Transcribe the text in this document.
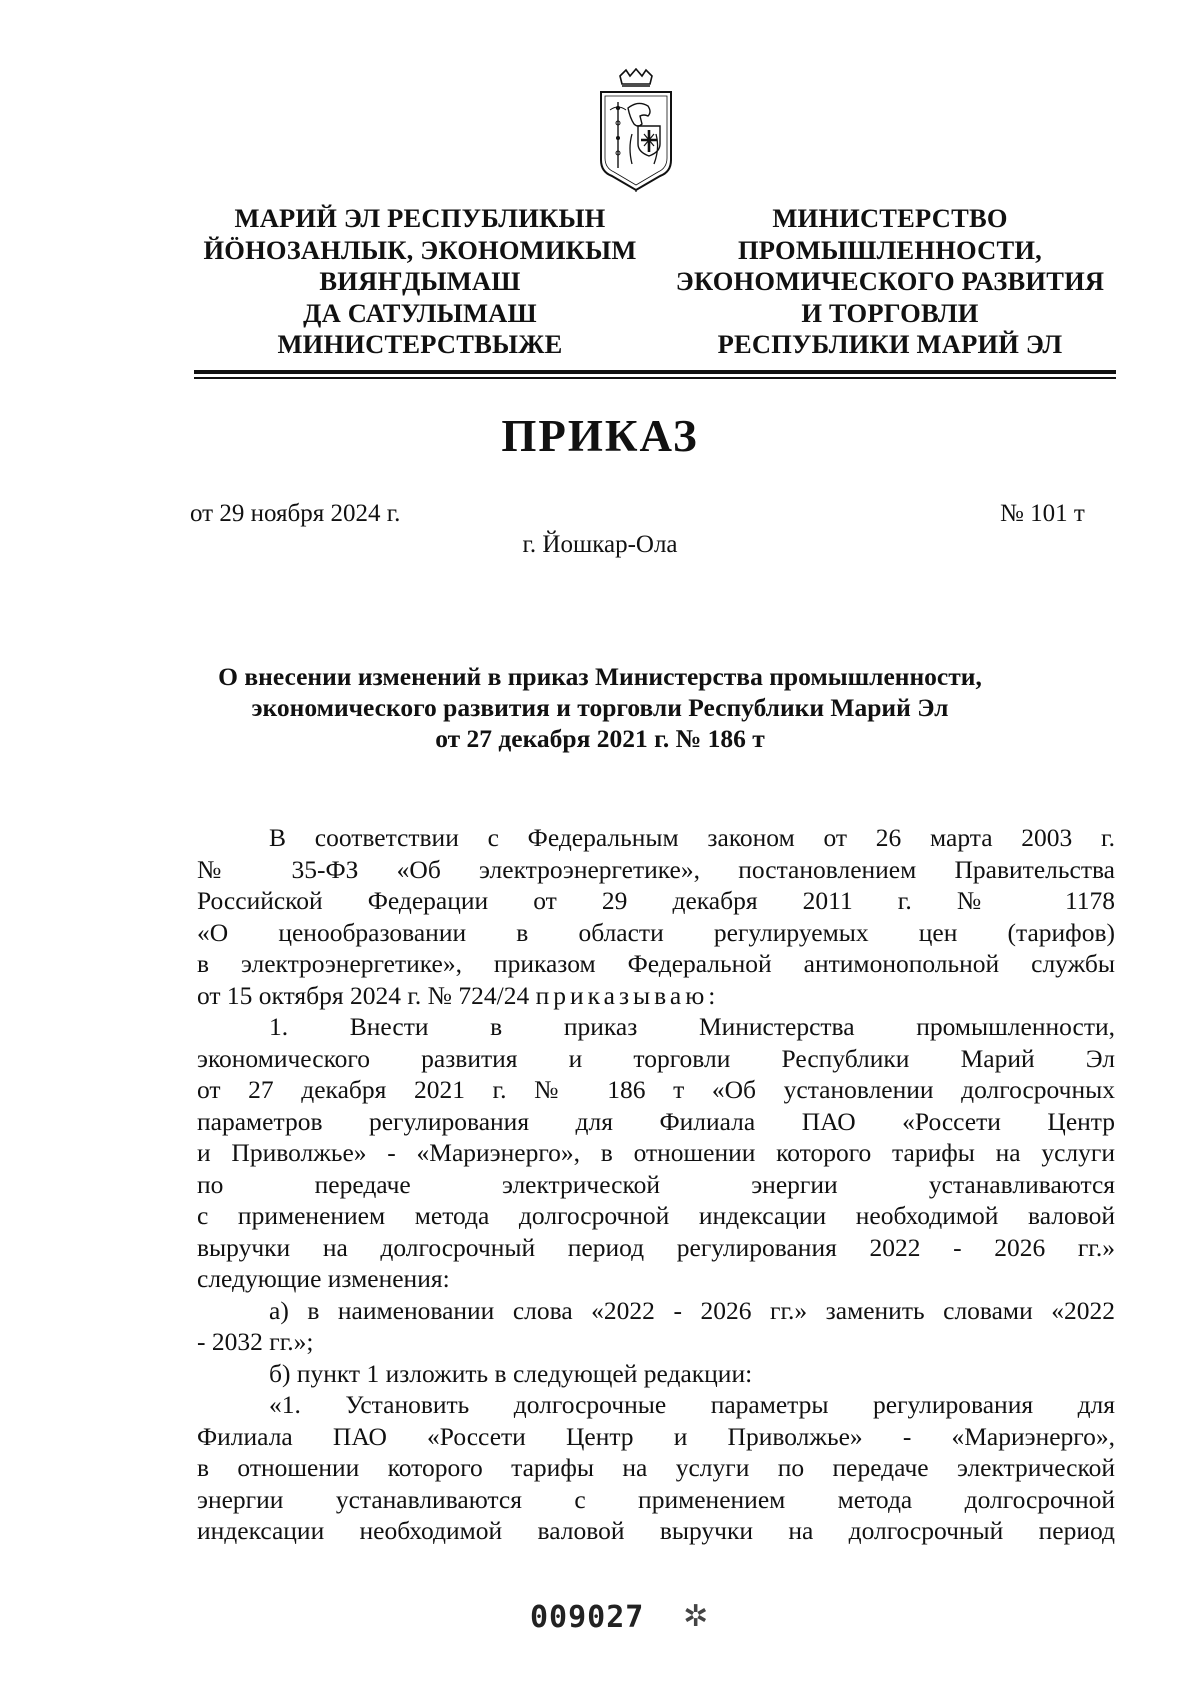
МАРИЙ ЭЛ РЕСПУБЛИКЫН
ЙӦНОЗАНЛЫК, ЭКОНОМИКЫМ
ВИЯҤДЫМАШ
ДА САТУЛЫМАШ
МИНИСТЕРСТВЫЖЕ
МИНИСТЕРСТВО
ПРОМЫШЛЕННОСТИ,
ЭКОНОМИЧЕСКОГО РАЗВИТИЯ
И ТОРГОВЛИ
РЕСПУБЛИКИ МАРИЙ ЭЛ
ПРИКАЗ
от 29 ноября 2024 г.	№ 101 т
г. Йошкар-Ола
О внесении изменений в приказ Министерства промышленности,
экономического развития и торговли Республики Марий Эл
от 27 декабря 2021 г. № 186 т
В соответствии с Федеральным законом от 26 марта 2003 г.
№ 35-ФЗ «Об электроэнергетике», постановлением Правительства
Российской Федерации от 29 декабря 2011 г. № 1178
«О ценообразовании в области регулируемых цен (тарифов)
в электроэнергетике», приказом Федеральной антимонопольной службы
от 15 октября 2024 г. № 724/24 приказываю:
1. Внести в приказ Министерства промышленности,
экономического развития и торговли Республики Марий Эл
от 27 декабря 2021 г. № 186 т «Об установлении долгосрочных
параметров регулирования для Филиала ПАО «Россети Центр
и Приволжье» - «Мариэнерго», в отношении которого тарифы на услуги
по передаче электрической энергии устанавливаются
с применением метода долгосрочной индексации необходимой валовой
выручки на долгосрочный период регулирования 2022 - 2026 гг.»
следующие изменения:
а) в наименовании слова «2022 - 2026 гг.» заменить словами «2022
- 2032 гг.»;
б) пункт 1 изложить в следующей редакции:
«1. Установить долгосрочные параметры регулирования для
Филиала ПАО «Россети Центр и Приволжье» - «Мариэнерго»,
в отношении которого тарифы на услуги по передаче электрической
энергии устанавливаются с применением метода долгосрочной
индексации необходимой валовой выручки на долгосрочный период
009027 ✲
